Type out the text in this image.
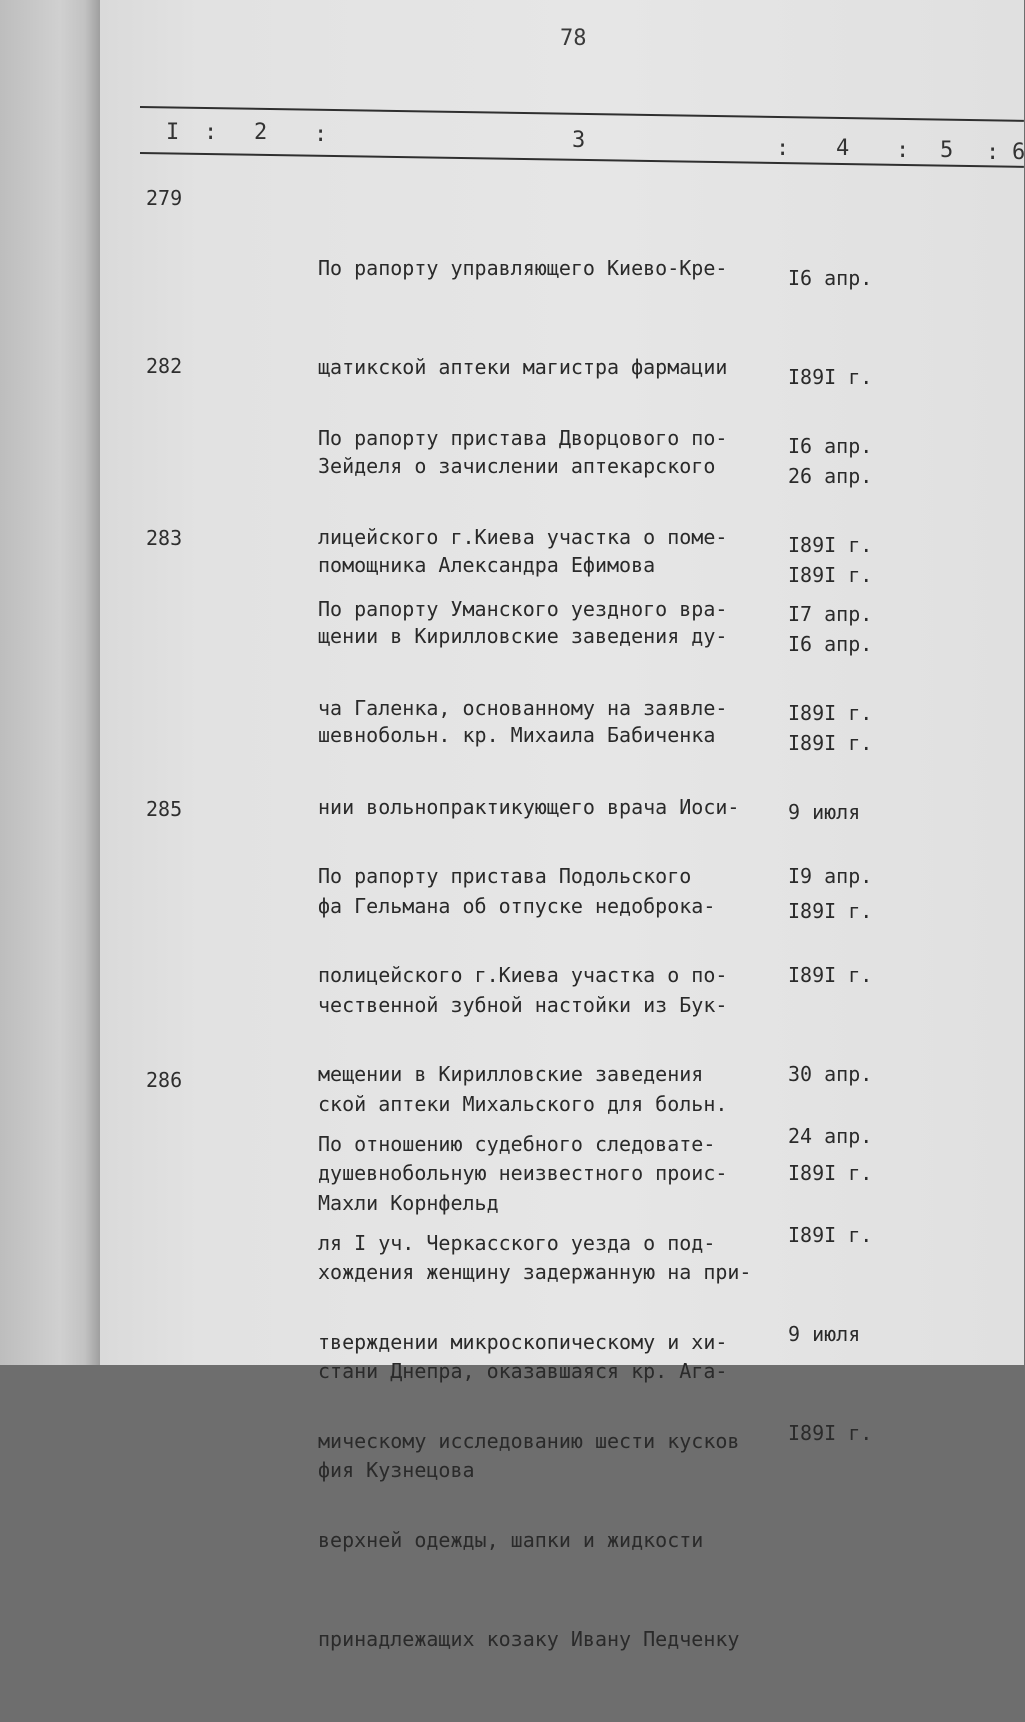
78
I : 2 :	3	: 4 : 5 : 6
279

По рапорту управляющего Киево-Кре-

щатикской аптеки магистра фармации

Зейделя о зачислении аптекарского

помощника Александра Ефимова

I6 апр.

I89I г.

26 апр.

I89I г.

282

По рапорту пристава Дворцового по-

лицейского г.Киева участка о поме-

щении в Кирилловские заведения ду-

шевнобольн. кр. Михаила Бабиченка

I6 апр.

I89I г.

I6 апр.

I89I г.

283

По рапорту Уманского уездного вра-

ча Галенка, основанному на заявле-

нии вольнопрактикующего врача Иоси-

фа Гельмана об отпуске недоброка-

чественной зубной настойки из Бук-

ской аптеки Михальского для больн.

Махли Корнфельд

I7 апр.

I89I г.

9 июля

I89I г.

285

По рапорту пристава Подольского

полицейского г.Киева участка о по-

мещении в Кирилловские заведения

душевнобольную неизвестного проис-

хождения женщину задержанную на при-

стани Днепра, оказавшаяся кр. Ага-

фия Кузнецова

I9 апр.

I89I г.

30 апр.

I89I г.

286

По отношению судебного следовате-

ля I уч. Черкасского уезда о под-

тверждении микроскопическому и хи-

мическому исследованию шести кусков

верхней одежды, шапки и жидкости

принадлежащих козаку Ивану Педченку

24 апр.

I89I г.

9 июля

I89I г.
